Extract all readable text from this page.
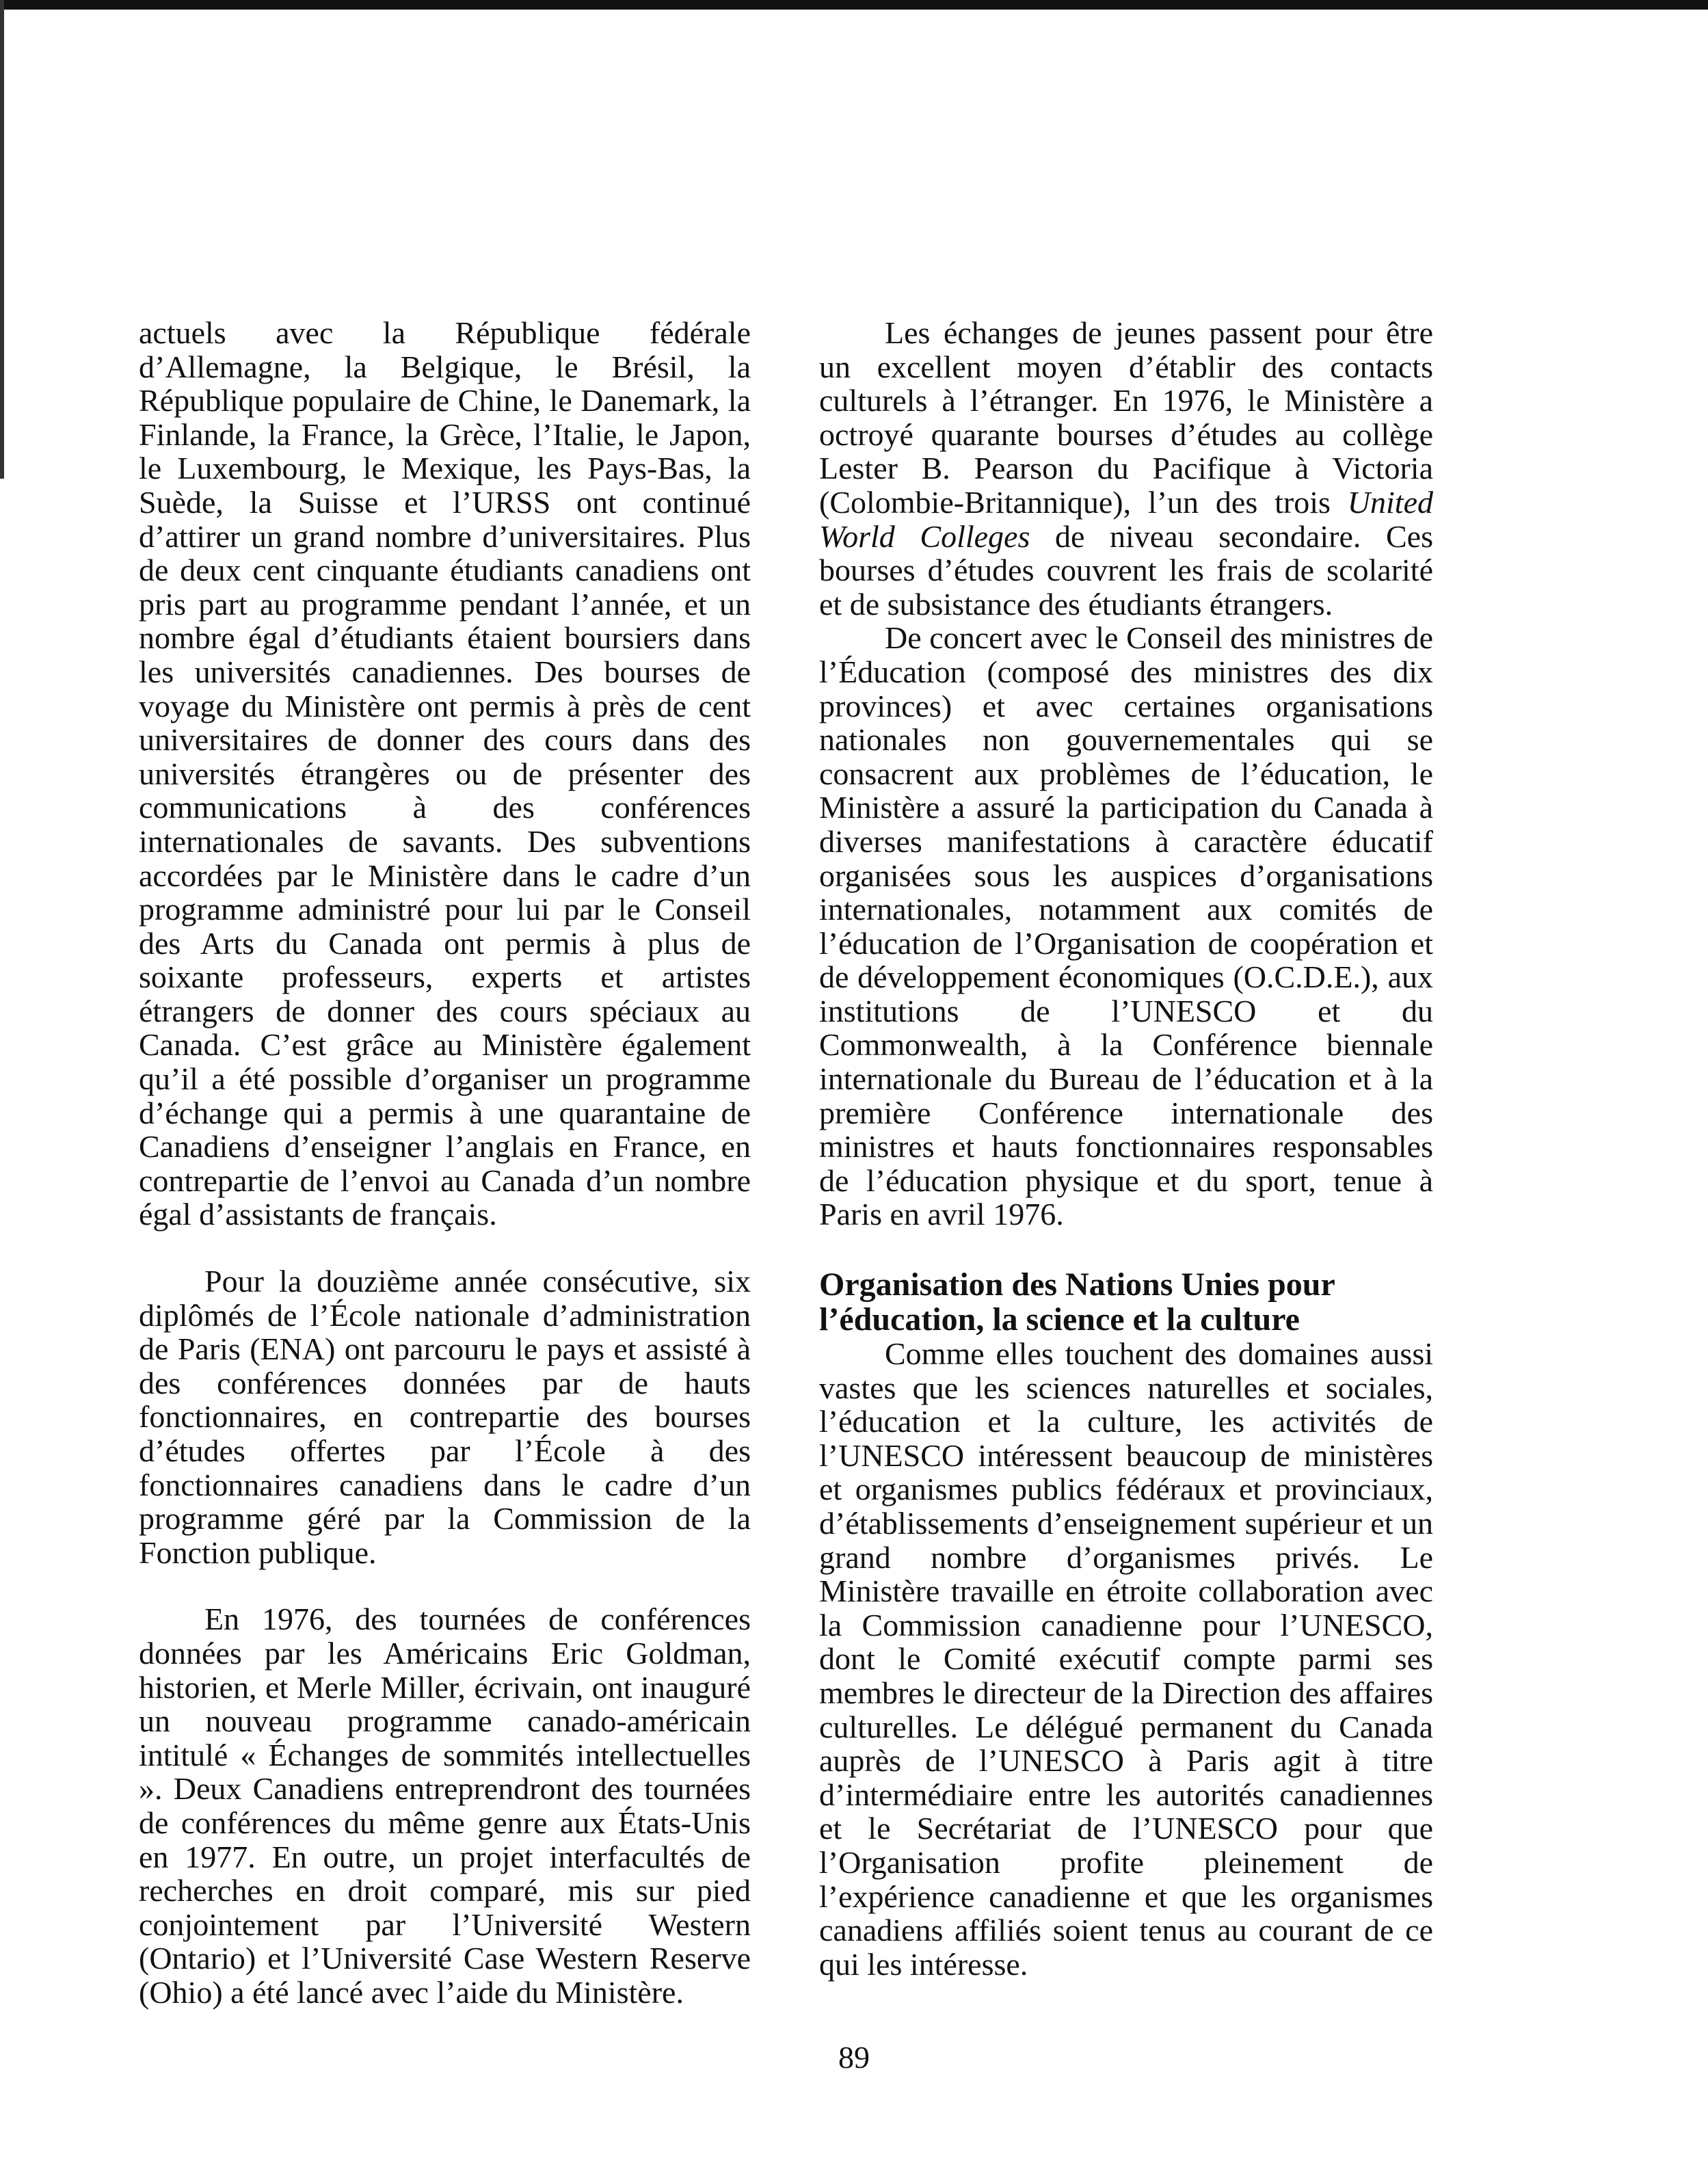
actuels avec la République fédérale d’Allemagne, la Belgique, le Brésil, la République populaire de Chine, le Danemark, la Finlande, la France, la Grèce, l’Italie, le Japon, le Luxembourg, le Mexique, les Pays-Bas, la Suède, la Suisse et l’URSS ont continué d’attirer un grand nombre d’universitaires. Plus de deux cent cinquante étudiants canadiens ont pris part au programme pendant l’année, et un nombre égal d’étudiants étaient boursiers dans les universités canadiennes. Des bourses de voyage du Ministère ont permis à près de cent universitaires de donner des cours dans des universités étrangères ou de présenter des communications à des conférences internationales de savants. Des subventions accordées par le Ministère dans le cadre d’un programme administré pour lui par le Conseil des Arts du Canada ont permis à plus de soixante professeurs, experts et artistes étrangers de donner des cours spéciaux au Canada. C’est grâce au Ministère également qu’il a été possible d’organiser un programme d’échange qui a permis à une quarantaine de Canadiens d’enseigner l’anglais en France, en contrepartie de l’envoi au Canada d’un nombre égal d’assistants de français.

Pour la douzième année consécutive, six diplômés de l’École nationale d’administration de Paris (ENA) ont parcouru le pays et assisté à des conférences données par de hauts fonctionnaires, en contrepartie des bourses d’études offertes par l’École à des fonctionnaires canadiens dans le cadre d’un programme géré par la Commission de la Fonction publique.

En 1976, des tournées de conférences données par les Américains Eric Goldman, historien, et Merle Miller, écrivain, ont inauguré un nouveau programme canado-américain intitulé « Échanges de sommités intellectuelles ». Deux Canadiens entreprendront des tournées de conférences du même genre aux États-Unis en 1977. En outre, un projet interfacultés de recherches en droit comparé, mis sur pied conjointement par l’Université Western (Ontario) et l’Université Case Western Reserve (Ohio) a été lancé avec l’aide du Ministère.

Les échanges de jeunes passent pour être un excellent moyen d’établir des contacts culturels à l’étranger. En 1976, le Ministère a octroyé quarante bourses d’études au collège Lester B. Pearson du Pacifique à Victoria (Colombie-Britannique), l’un des trois United World Colleges de niveau secondaire. Ces bourses d’études couvrent les frais de scolarité et de subsistance des étudiants étrangers.

De concert avec le Conseil des ministres de l’Éducation (composé des ministres des dix provinces) et avec certaines organisations nationales non gouvernementales qui se consacrent aux problèmes de l’éducation, le Ministère a assuré la participation du Canada à diverses manifestations à caractère éducatif organisées sous les auspices d’organisations internationales, notamment aux comités de l’éducation de l’Organisation de coopération et de développement économiques (O.C.D.E.), aux institutions de l’UNESCO et du Commonwealth, à la Conférence biennale internationale du Bureau de l’éducation et à la première Conférence internationale des ministres et hauts fonctionnaires responsables de l’éducation physique et du sport, tenue à Paris en avril 1976.

Organisation des Nations Unies pour l’éducation, la science et la culture

Comme elles touchent des domaines aussi vastes que les sciences naturelles et sociales, l’éducation et la culture, les activités de l’UNESCO intéressent beaucoup de ministères et organismes publics fédéraux et provinciaux, d’établissements d’enseignement supérieur et un grand nombre d’organismes privés. Le Ministère travaille en étroite collaboration avec la Commission canadienne pour l’UNESCO, dont le Comité exécutif compte parmi ses membres le directeur de la Direction des affaires culturelles. Le délégué permanent du Canada auprès de l’UNESCO à Paris agit à titre d’intermédiaire entre les autorités canadiennes et le Secrétariat de l’UNESCO pour que l’Organisation profite pleinement de l’expérience canadienne et que les organismes canadiens affiliés soient tenus au courant de ce qui les intéresse.

89
